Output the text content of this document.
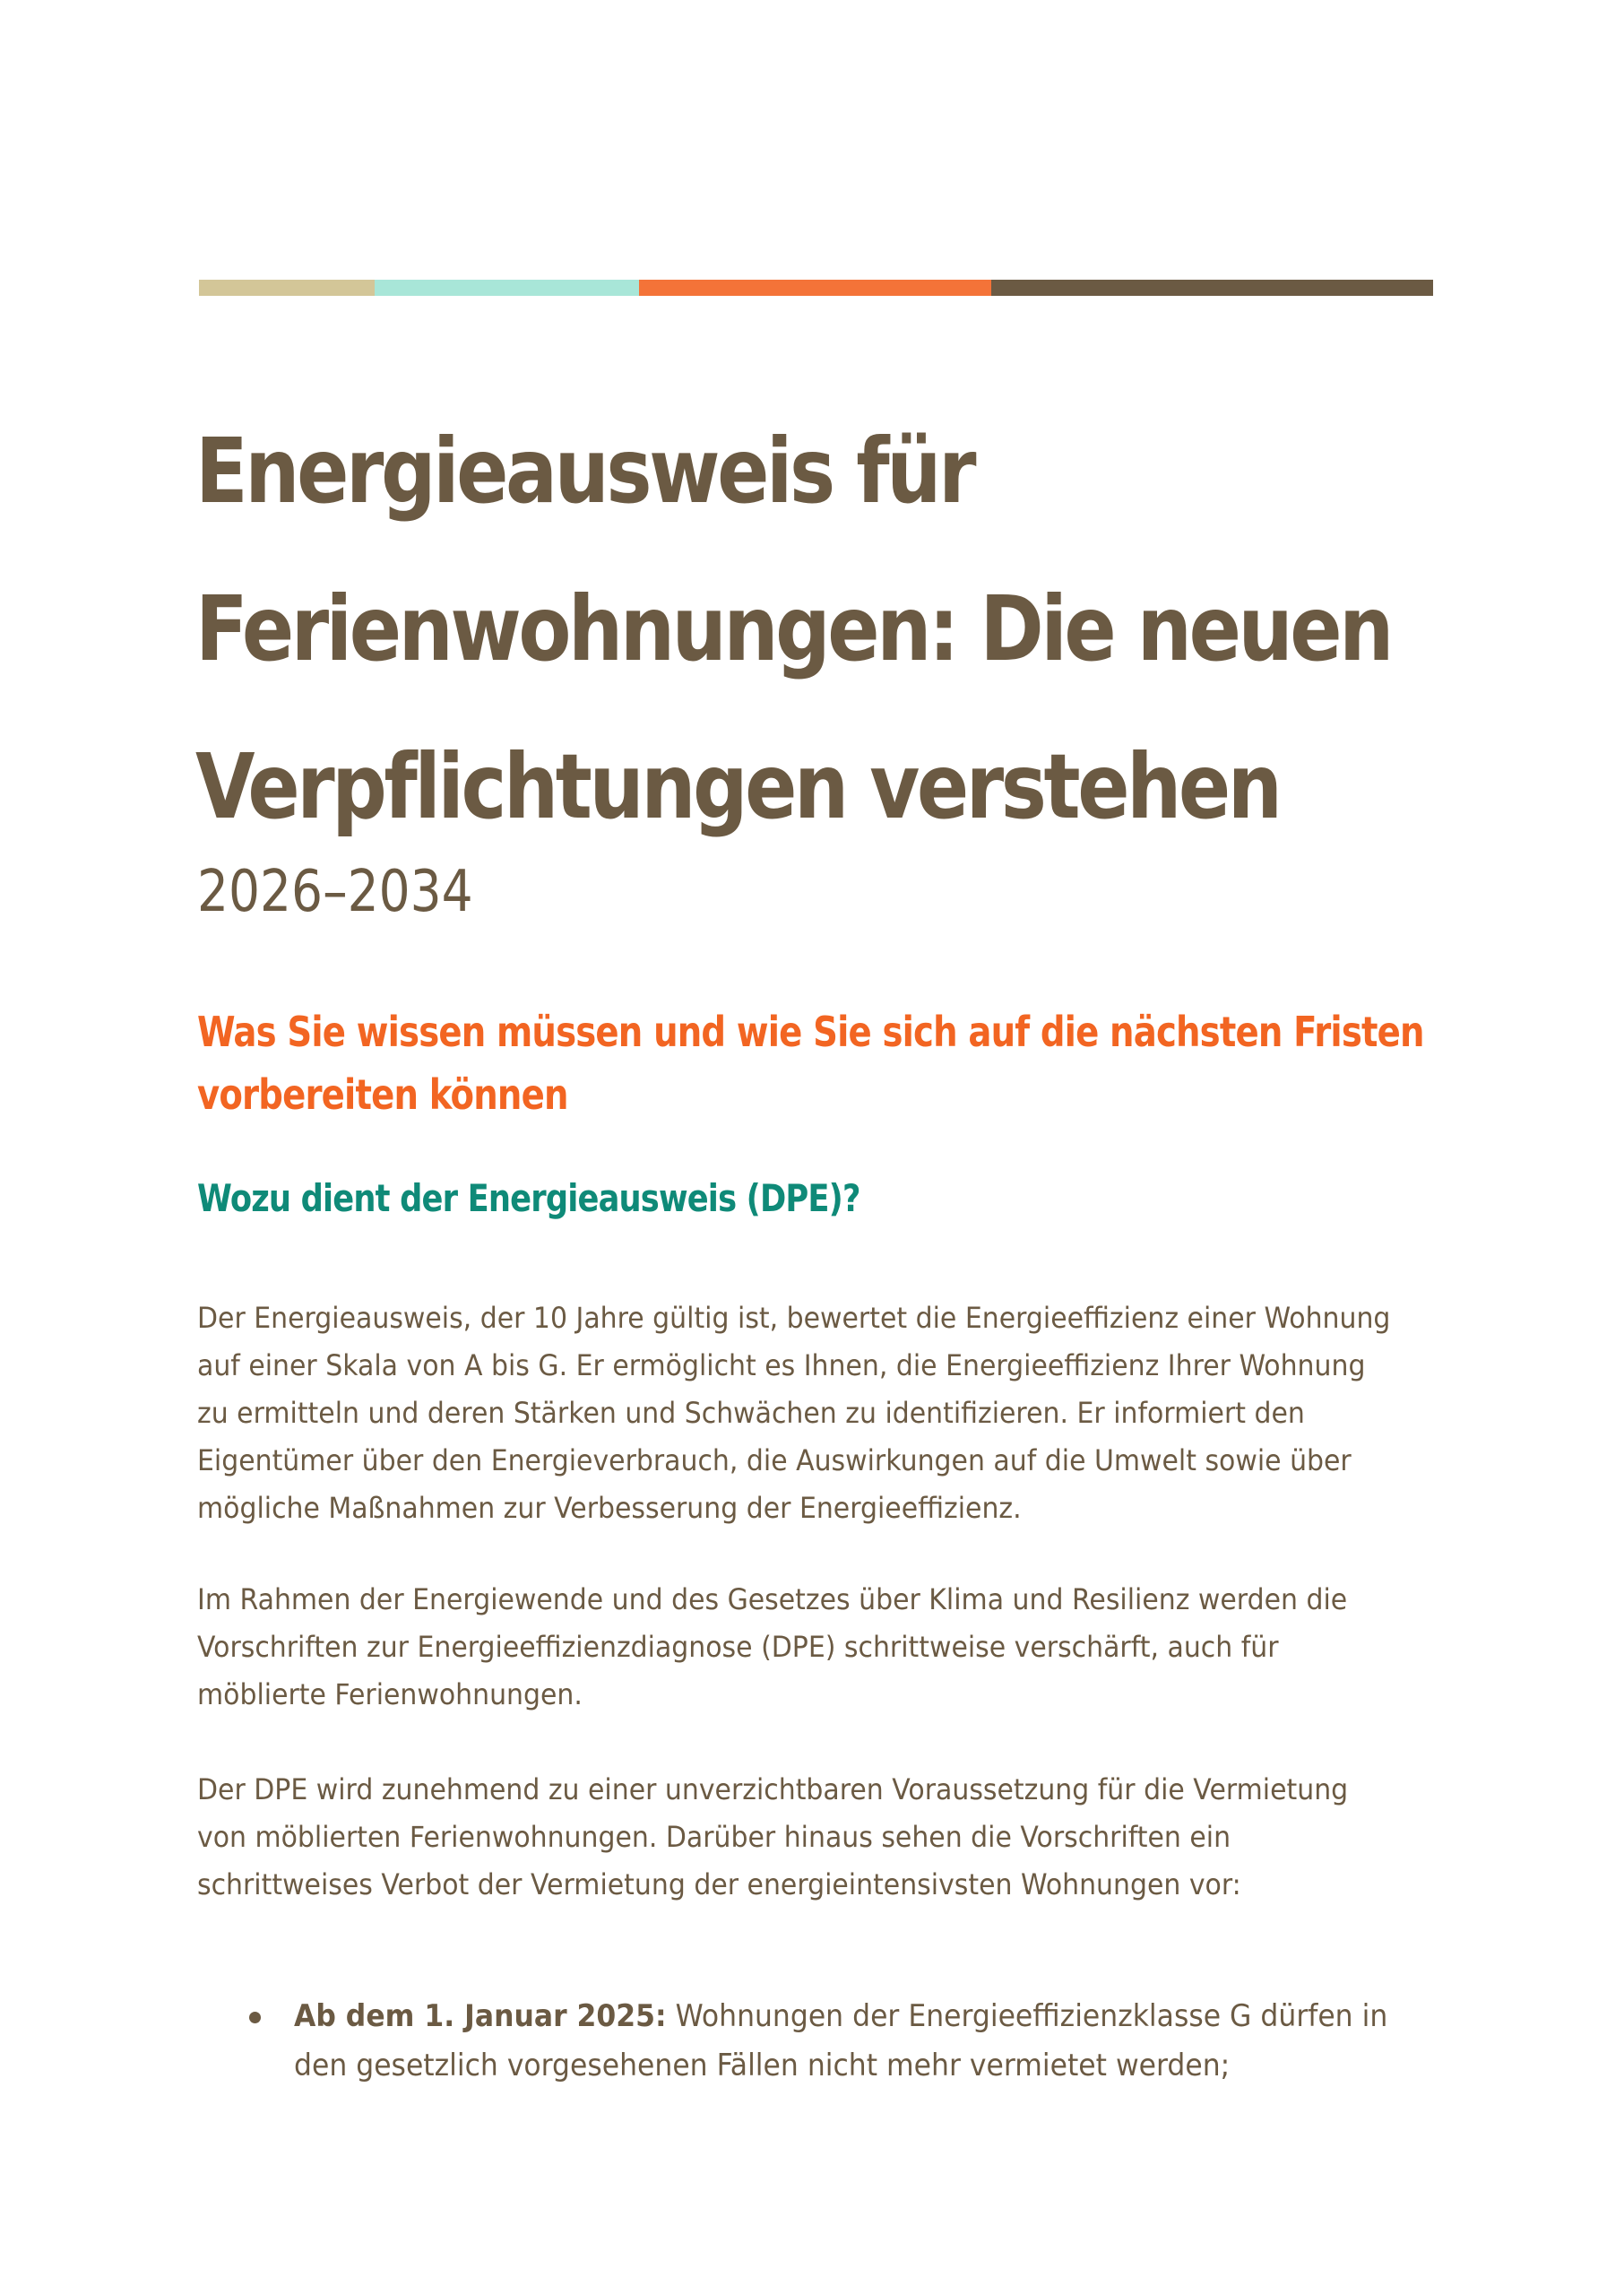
Energieausweis für
Ferienwohnungen: Die neuen
Verpflichtungen verstehen
2026–2034
Was Sie wissen müssen und wie Sie sich auf die nächsten Fristen
vorbereiten können
Wozu dient der Energieausweis (DPE)?

Der Energieausweis, der 10 Jahre gültig ist, bewertet die Energieeffizienz einer Wohnung
auf einer Skala von A bis G. Er ermöglicht es Ihnen, die Energieeffizienz Ihrer Wohnung
zu ermitteln und deren Stärken und Schwächen zu identifizieren. Er informiert den
Eigentümer über den Energieverbrauch, die Auswirkungen auf die Umwelt sowie über
mögliche Maßnahmen zur Verbesserung der Energieeffizienz.

Im Rahmen der Energiewende und des Gesetzes über Klima und Resilienz werden die
Vorschriften zur Energieeffizienzdiagnose (DPE) schrittweise verschärft, auch für
möblierte Ferienwohnungen.

Der DPE wird zunehmend zu einer unverzichtbaren Voraussetzung für die Vermietung
von möblierten Ferienwohnungen. Darüber hinaus sehen die Vorschriften ein
schrittweises Verbot der Vermietung der energieintensivsten Wohnungen vor:

Ab dem 1. Januar 2025: Wohnungen der Energieeffizienzklasse G dürfen in
den gesetzlich vorgesehenen Fällen nicht mehr vermietet werden;
